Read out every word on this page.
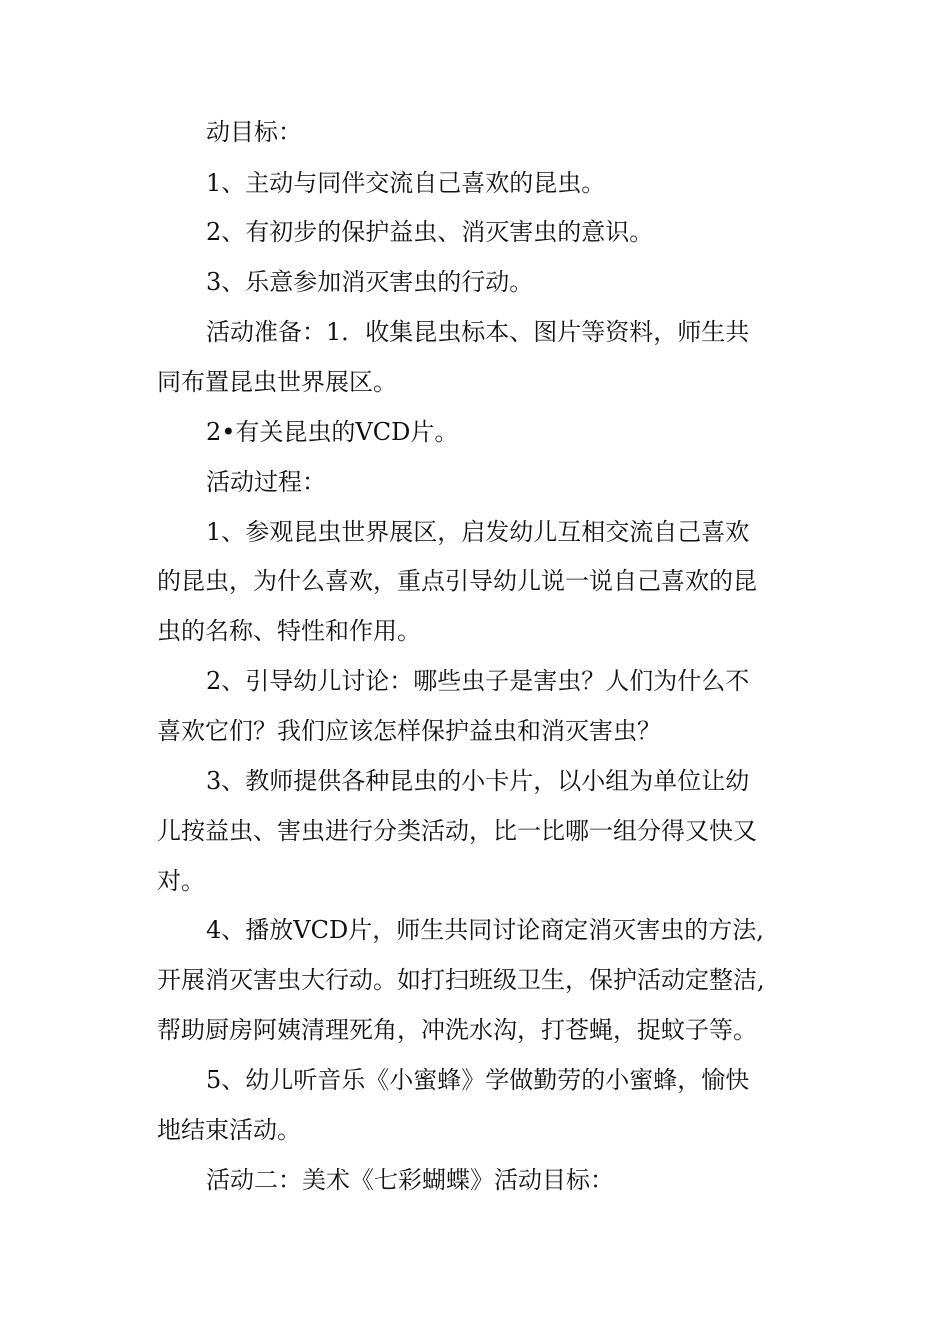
动目标：
1、主动与同伴交流自己喜欢的昆虫。
2、有初步的保护益虫、消灭害虫的意识。
3、乐意参加消灭害虫的行动。
活动准备：1．收集昆虫标本、图片等资料，师生共
同布置昆虫世界展区。
2•有关昆虫的VCD片。
活动过程：
1、参观昆虫世界展区，启发幼儿互相交流自己喜欢
的昆虫，为什么喜欢，重点引导幼儿说一说自己喜欢的昆
虫的名称、特性和作用。
2、引导幼儿讨论：哪些虫子是害虫？人们为什么不
喜欢它们？我们应该怎样保护益虫和消灭害虫？
3、教师提供各种昆虫的小卡片，以小组为单位让幼
儿按益虫、害虫进行分类活动，比一比哪一组分得又快又
对。
4、播放VCD片，师生共同讨论商定消灭害虫的方法,
开展消灭害虫大行动。如打扫班级卫生，保护活动定整洁,
帮助厨房阿姨清理死角，冲洗水沟，打苍蝇，捉蚊子等。
5、幼儿听音乐《小蜜蜂》学做勤劳的小蜜蜂，愉快
地结束活动。
活动二：美术《七彩蝴蝶》活动目标：
